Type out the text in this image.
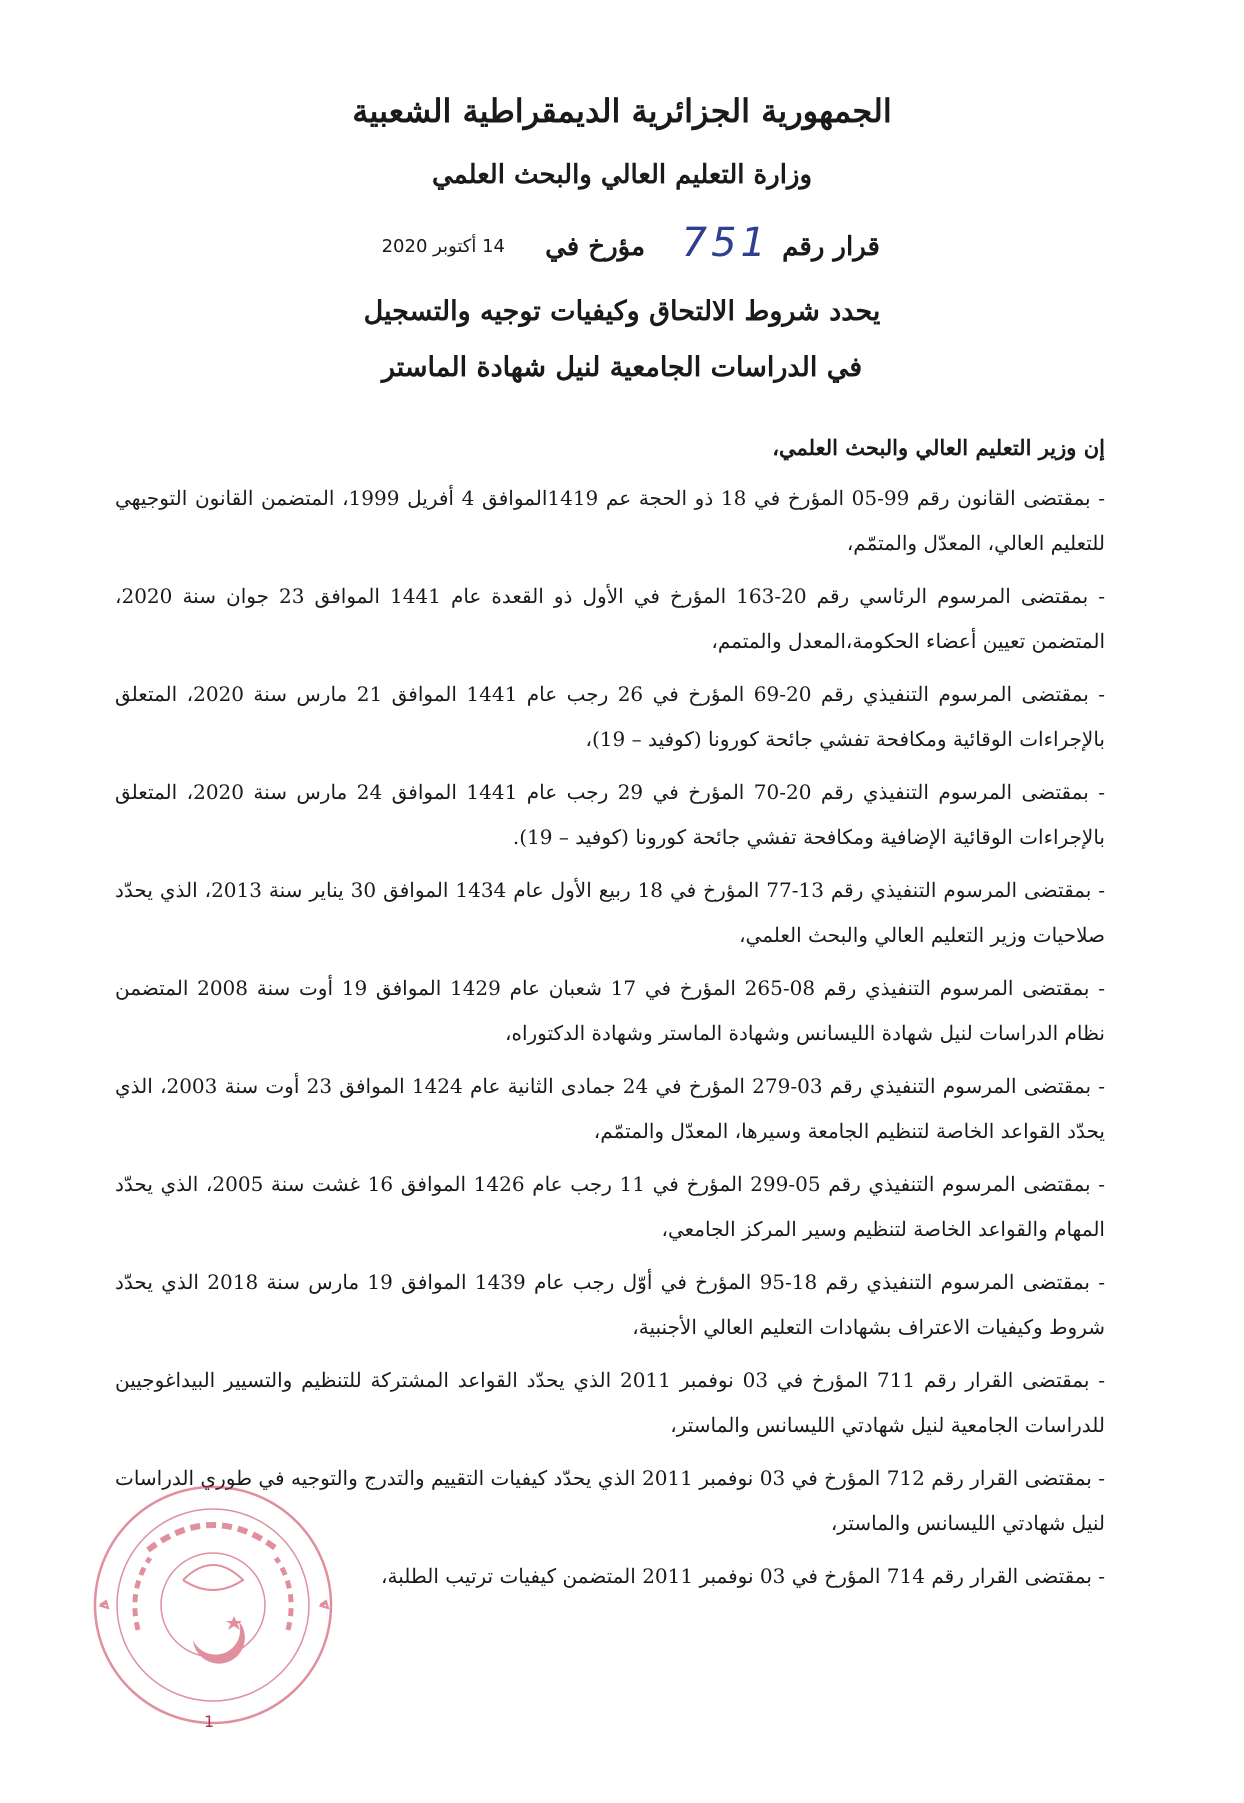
الجمهورية الجزائرية الديمقراطية الشعبية
وزارة التعليم العالي والبحث العلمي
قرار رقم
751
مؤرخ في
14 أكتوبر 2020
يحدد شروط الالتحاق وكيفيات توجيه والتسجيل
في الدراسات الجامعية لنيل شهادة الماستر
إن وزير التعليم العالي والبحث العلمي،
- بمقتضى القانون رقم 99-05 المؤرخ في 18 ذو الحجة عم 1419الموافق 4 أفريل 1999، المتضمن القانون التوجيهي للتعليم العالي، المعدّل والمتمّم،
- بمقتضى المرسوم الرئاسي رقم 20-163 المؤرخ في الأول ذو القعدة عام 1441 الموافق 23 جوان سنة 2020، المتضمن تعيين أعضاء الحكومة،المعدل والمتمم،
- بمقتضى المرسوم التنفيذي رقم 20-69 المؤرخ في 26 رجب عام 1441 الموافق 21 مارس سنة 2020، المتعلق بالإجراءات الوقائية ومكافحة تفشي جائحة كورونا (كوفيد – 19)،
- بمقتضى المرسوم التنفيذي رقم 20-70 المؤرخ في 29 رجب عام 1441 الموافق 24 مارس سنة 2020، المتعلق بالإجراءات الوقائية الإضافية ومكافحة تفشي جائحة كورونا (كوفيد – 19).
- بمقتضى المرسوم التنفيذي رقم 13-77 المؤرخ في 18 ربيع الأول عام 1434 الموافق 30 يناير سنة 2013، الذي يحدّد صلاحيات وزير التعليم العالي والبحث العلمي،
- بمقتضى المرسوم التنفيذي رقم 08-265 المؤرخ في 17 شعبان عام 1429 الموافق 19 أوت سنة 2008 المتضمن نظام الدراسات لنيل شهادة الليسانس وشهادة الماستر وشهادة الدكتوراه،
- بمقتضى المرسوم التنفيذي رقم 03-279 المؤرخ في 24 جمادى الثانية عام 1424 الموافق 23 أوت سنة 2003، الذي يحدّد القواعد الخاصة لتنظيم الجامعة وسيرها، المعدّل والمتمّم،
- بمقتضى المرسوم التنفيذي رقم 05-299 المؤرخ في 11 رجب عام 1426 الموافق 16 غشت سنة 2005، الذي يحدّد المهام والقواعد الخاصة لتنظيم وسير المركز الجامعي،
- بمقتضى المرسوم التنفيذي رقم 18-95 المؤرخ في أوّل رجب عام 1439 الموافق 19 مارس سنة 2018 الذي يحدّد شروط وكيفيات الاعتراف بشهادات التعليم العالي الأجنبية،
- بمقتضى القرار رقم 711 المؤرخ في 03 نوفمبر 2011 الذي يحدّد القواعد المشتركة للتنظيم والتسيير البيداغوجيين للدراسات الجامعية لنيل شهادتي الليسانس والماستر،
- بمقتضى القرار رقم 712 المؤرخ في 03 نوفمبر 2011 الذي يحدّد كيفيات التقييم والتدرج والتوجيه في طوري الدراسات لنيل شهادتي الليسانس والماستر،
- بمقتضى القرار رقم 714 المؤرخ في 03 نوفمبر 2011 المتضمن كيفيات ترتيب الطلبة،
1
